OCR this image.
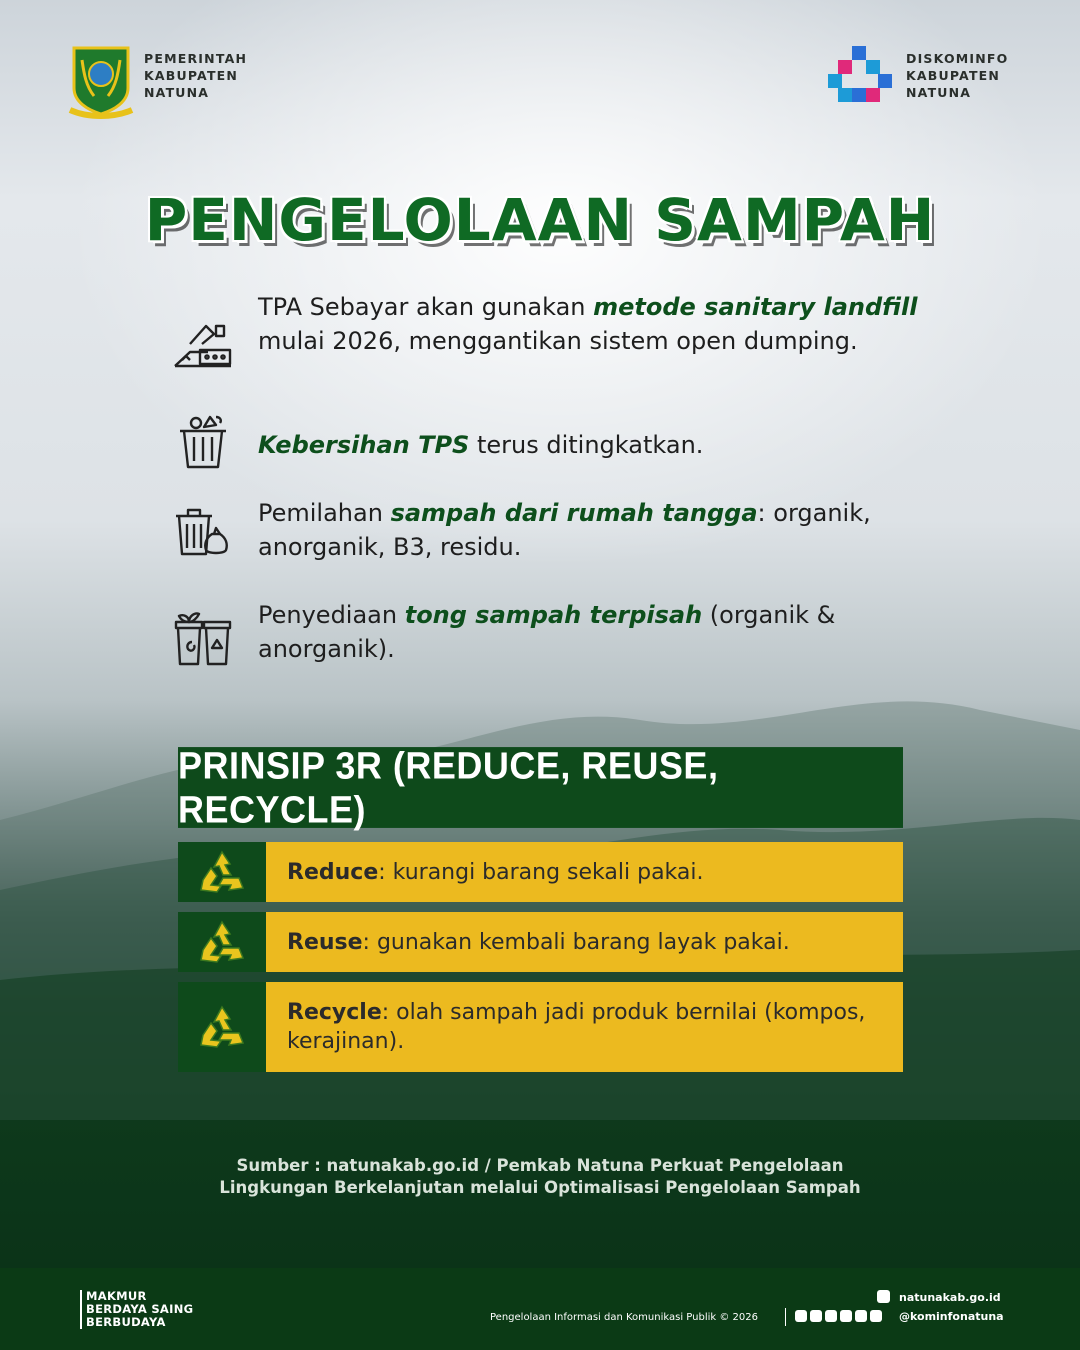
PEMERINTAH
KABUPATEN
NATUNA
DISKOMINFO
KABUPATEN
NATUNA
PENGELOLAAN SAMPAH
TPA Sebayar akan gunakan metode sanitary landfill mulai 2026, menggantikan sistem open dumping.
Kebersihan TPS terus ditingkatkan.
Pemilahan sampah dari rumah tangga: organik, anorganik, B3, residu.
Penyediaan tong sampah terpisah (organik & anorganik).
PRINSIP 3R (REDUCE, REUSE, RECYCLE)
Reduce: kurangi barang sekali pakai.
Reuse: gunakan kembali barang layak pakai.
Recycle: olah sampah jadi produk bernilai (kompos, kerajinan).
Sumber : natunakab.go.id / Pemkab Natuna Perkuat Pengelolaan
Lingkungan Berkelanjutan melalui Optimalisasi Pengelolaan Sampah
MAKMUR
BERDAYA SAING
BERBUDAYA
natunakab.go.id
Pengelolaan Informasi dan Komunikasi Publik © 2026	@kominfonatuna
